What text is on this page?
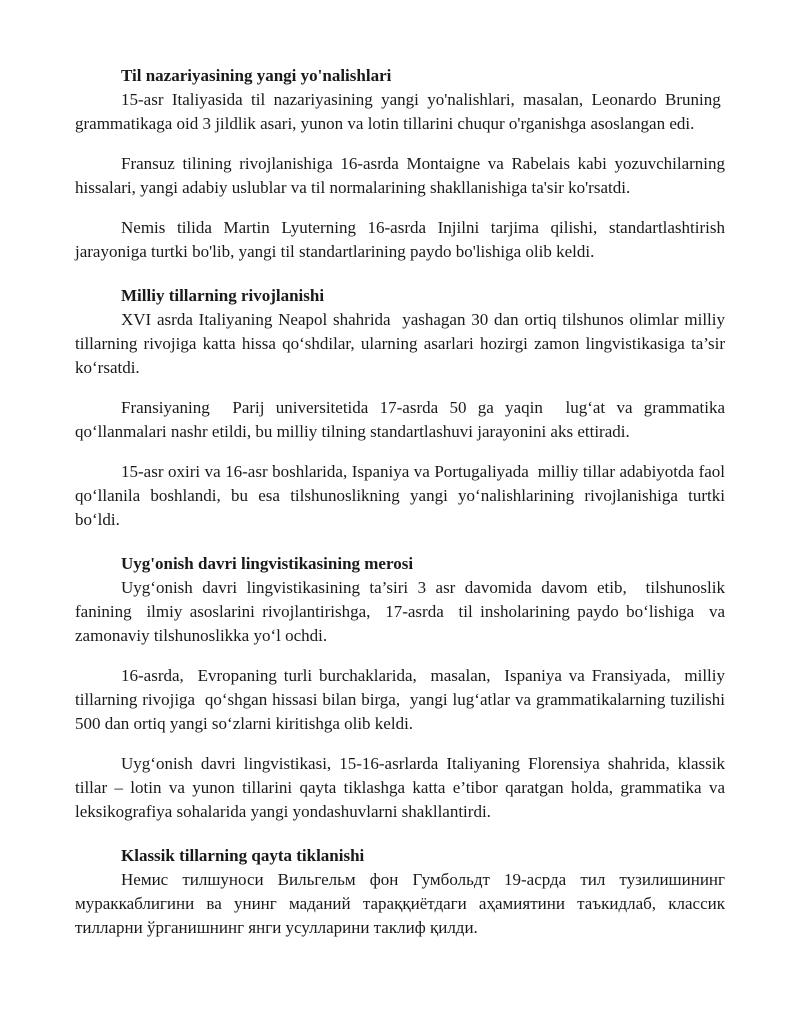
Til nazariyasining yangi yo'nalishlari

15-asr Italiyasida til nazariyasining yangi yo'nalishlari, masalan, Leonardo Bruning  grammatikaga oid 3 jildlik asari, yunon va lotin tillarini chuqur o'rganishga asoslangan edi.

Fransuz tilining rivojlanishiga 16-asrda Montaigne va Rabelais kabi yozuvchilarning hissalari, yangi adabiy uslublar va til normalarining shakllanishiga ta'sir ko'rsatdi.

Nemis tilida Martin Lyuterning 16-asrda Injilni tarjima qilishi, standartlashtirish jarayoniga turtki bo'lib, yangi til standartlarining paydo bo'lishiga olib keldi.

Milliy tillarning rivojlanishi

XVI asrda Italiyaning Neapol shahrida  yashagan 30 dan ortiq tilshunos olimlar milliy tillarning rivojiga katta hissa qo‘shdilar, ularning asarlari hozirgi zamon lingvistikasiga ta’sir ko‘rsatdi.

Fransiyaning  Parij universitetida 17-asrda 50 ga yaqin  lug‘at va grammatika qo‘llanmalari nashr etildi, bu milliy tilning standartlashuvi jarayonini aks ettiradi.

15-asr oxiri va 16-asr boshlarida, Ispaniya va Portugaliyada  milliy tillar adabiyotda faol qo‘llanila boshlandi, bu esa tilshunoslikning yangi yo‘nalishlarining rivojlanishiga turtki bo‘ldi.

Uyg'onish davri lingvistikasining merosi

Uyg‘onish davri lingvistikasining ta’siri 3 asr davomida davom etib,  tilshunoslik fanining  ilmiy asoslarini rivojlantirishga,  17-asrda  til insholarining paydo bo‘lishiga  va zamonaviy tilshunoslikka yo‘l ochdi.

16-asrda,  Evropaning turli burchaklarida,  masalan,  Ispaniya va Fransiyada,  milliy tillarning rivojiga  qo‘shgan hissasi bilan birga,  yangi lug‘atlar va grammatikalarning tuzilishi 500 dan ortiq yangi so‘zlarni kiritishga olib keldi.

Uyg‘onish davri lingvistikasi, 15-16-asrlarda Italiyaning Florensiya shahrida, klassik tillar – lotin va yunon tillarini qayta tiklashga katta e’tibor qaratgan holda, grammatika va leksikografiya sohalarida yangi yondashuvlarni shakllantirdi.

Klassik tillarning qayta tiklanishi

Немис тилшуноси Вильгельм фон Гумбольдт 19-асрда тил тузилишининг мураккаблигини ва унинг маданий тараққиётдаги аҳамиятини таъкидлаб, классик тилларни ўрганишнинг янги усулларини таклиф қилди.
